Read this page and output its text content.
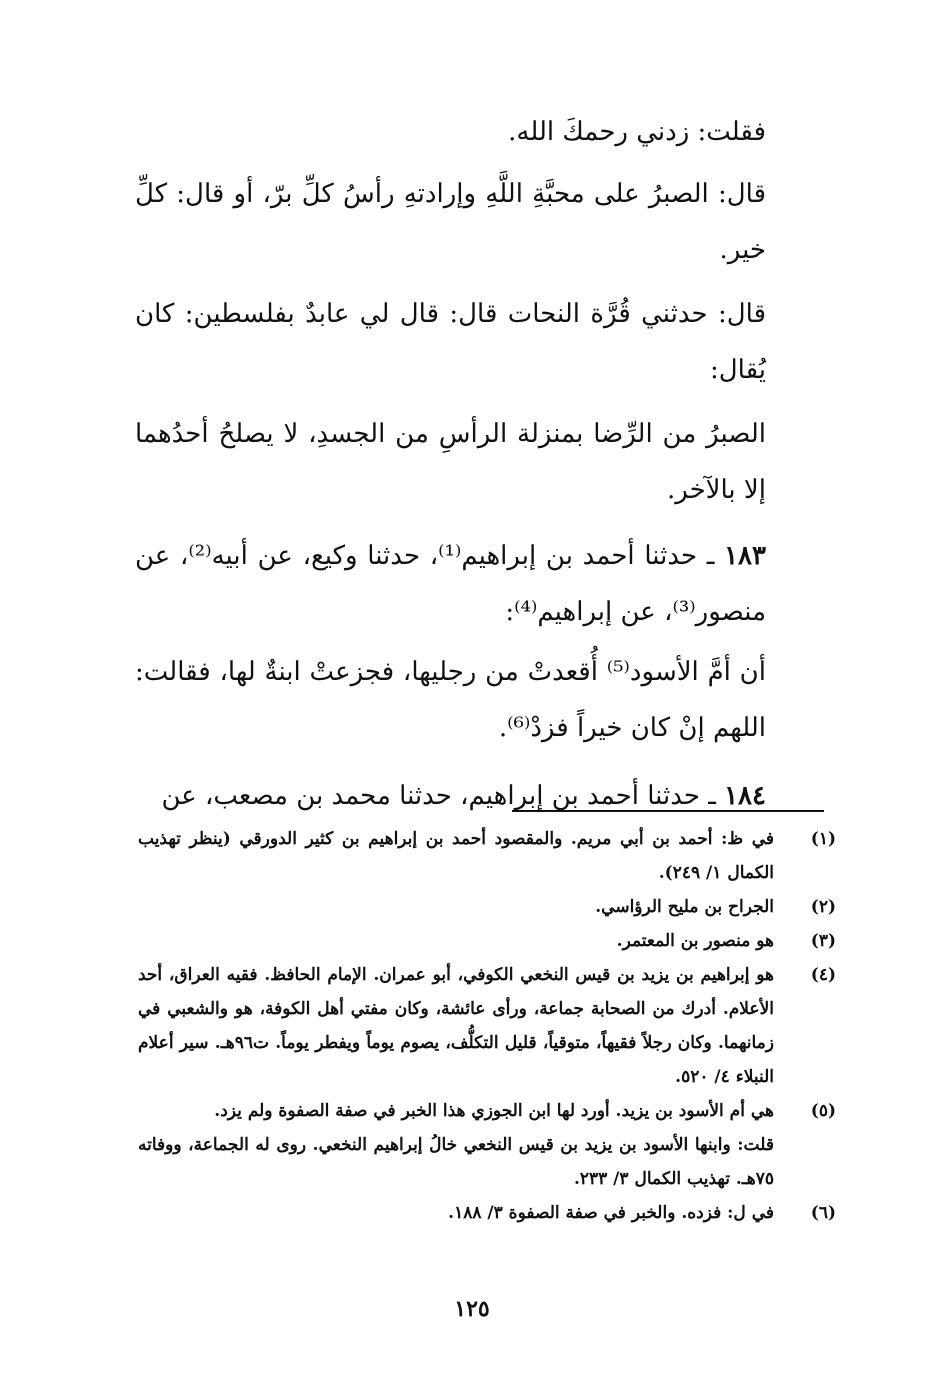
فقلت: زدني رحمكَ الله.

قال: الصبرُ على محبَّةِ اللَّهِ وإرادتهِ رأسُ كلِّ برّ، أو قال: كلِّ خير.

قال: حدثني قُرَّة النحات قال: قال لي عابدٌ بفلسطين: كان يُقال:

الصبرُ من الرِّضا بمنزلة الرأسِ من الجسدِ، لا يصلحُ أحدُهما إلا بالآخر.

١٨٣ ـ حدثنا أحمد بن إبراهيم⁽¹⁾، حدثنا وكيع، عن أبيه⁽²⁾، عن منصور⁽³⁾، عن إبراهيم⁽⁴⁾:

أن أمَّ الأسود⁽⁵⁾ أُقعدتْ من رجليها، فجزعتْ ابنةٌ لها، فقالت: اللهم إنْ كان خيراً فزدْ⁽⁶⁾.

١٨٤ ـ حدثنا أحمد بن إبراهيم، حدثنا محمد بن مصعب، عن

(١)
في ظ: أحمد بن أبي مريم. والمقصود أحمد بن إبراهيم بن كثير الدورقي (ينظر تهذيب الكمال ١/ ٢٤٩).
(٢)
الجراح بن مليح الرؤاسي.
(٣)
هو منصور بن المعتمر.
(٤)
هو إبراهيم بن يزيد بن قيس النخعي الكوفي، أبو عمران. الإمام الحافظ. فقيه العراق، أحد الأعلام. أدرك من الصحابة جماعة، ورأى عائشة، وكان مفتي أهل الكوفة، هو والشعبي في زمانهما. وكان رجلاً فقيهاً، متوقياً، قليل التكلُّف، يصوم يوماً ويفطر يوماً. ت٩٦هـ. سير أعلام النبلاء ٤/ ٥٢٠.
(٥)
هي أم الأسود بن يزيد. أورد لها ابن الجوزي هذا الخبر في صفة الصفوة ولم يزد.
قلت: وابنها الأسود بن يزيد بن قيس النخعي خالُ إبراهيم النخعي. روى له الجماعة، ووفاته ٧٥هـ. تهذيب الكمال ٣/ ٢٣٣.
(٦)
في ل: فزده. والخبر في صفة الصفوة ٣/ ١٨٨.
١٢٥
